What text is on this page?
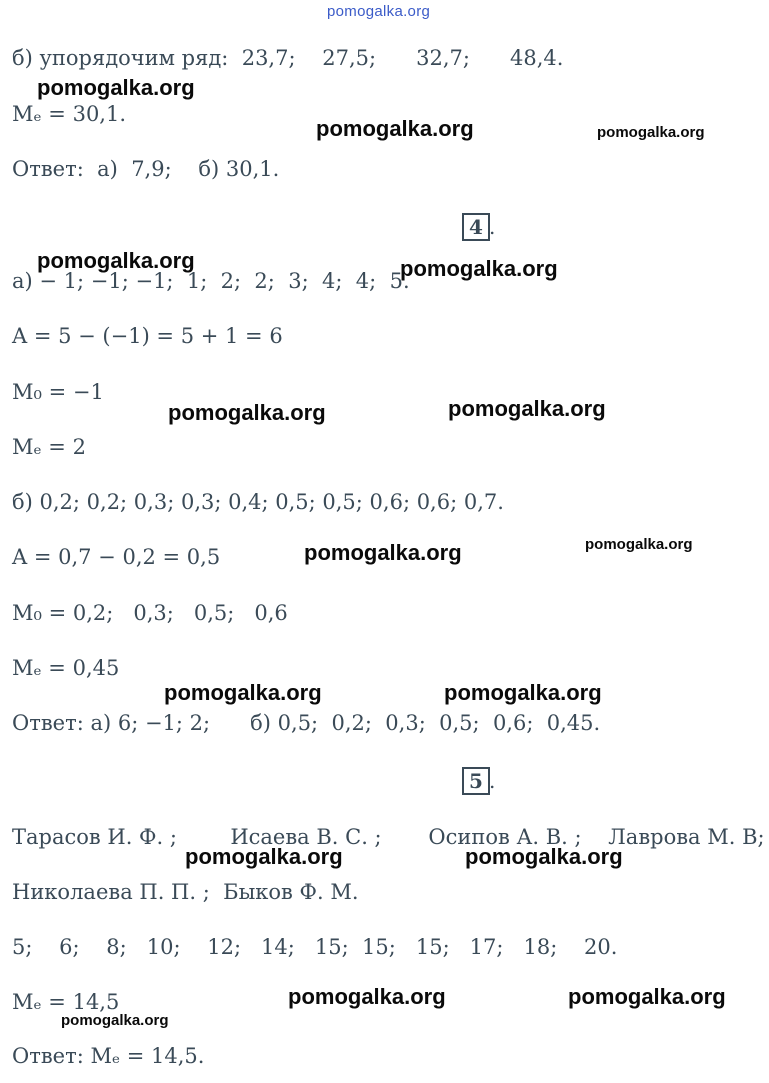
pomogalka.org
б) упорядочим ряд:  23,7;    27,5;      32,7;      48,4.
Mₑ = 30,1.
Ответ:  а)  7,9;    б) 30,1.
4 .
а) − 1; −1; −1;  1;  2;  2;  3;  4;  4;  5.
A = 5 − (−1) = 5 + 1 = 6
M₀ = −1
Mₑ = 2
б) 0,2; 0,2; 0,3; 0,3; 0,4; 0,5; 0,5; 0,6; 0,6; 0,7.
A = 0,7 − 0,2 = 0,5
M₀ = 0,2;   0,3;   0,5;   0,6
Mₑ = 0,45
Ответ: а) 6; −1; 2;      б) 0,5;  0,2;  0,3;  0,5;  0,6;  0,45.
5 .
Тарасов И. Ф. ;        Исаева В. С. ;       Осипов А. В. ;    Лаврова М. В;
Николаева П. П. ;  Быков Ф. М.
5;    6;    8;   10;    12;   14;   15;  15;   15;   17;   18;    20.
Mₑ = 14,5
Ответ: Mₑ = 14,5.
pomogalka.org
pomogalka.org	pomogalka.org
pomogalka.org	pomogalka.org
pomogalka.org	pomogalka.org
pomogalka.org	pomogalka.org
pomogalka.org	pomogalka.org
pomogalka.org	pomogalka.org
pomogalka.org	pomogalka.org
pomogalka.org
